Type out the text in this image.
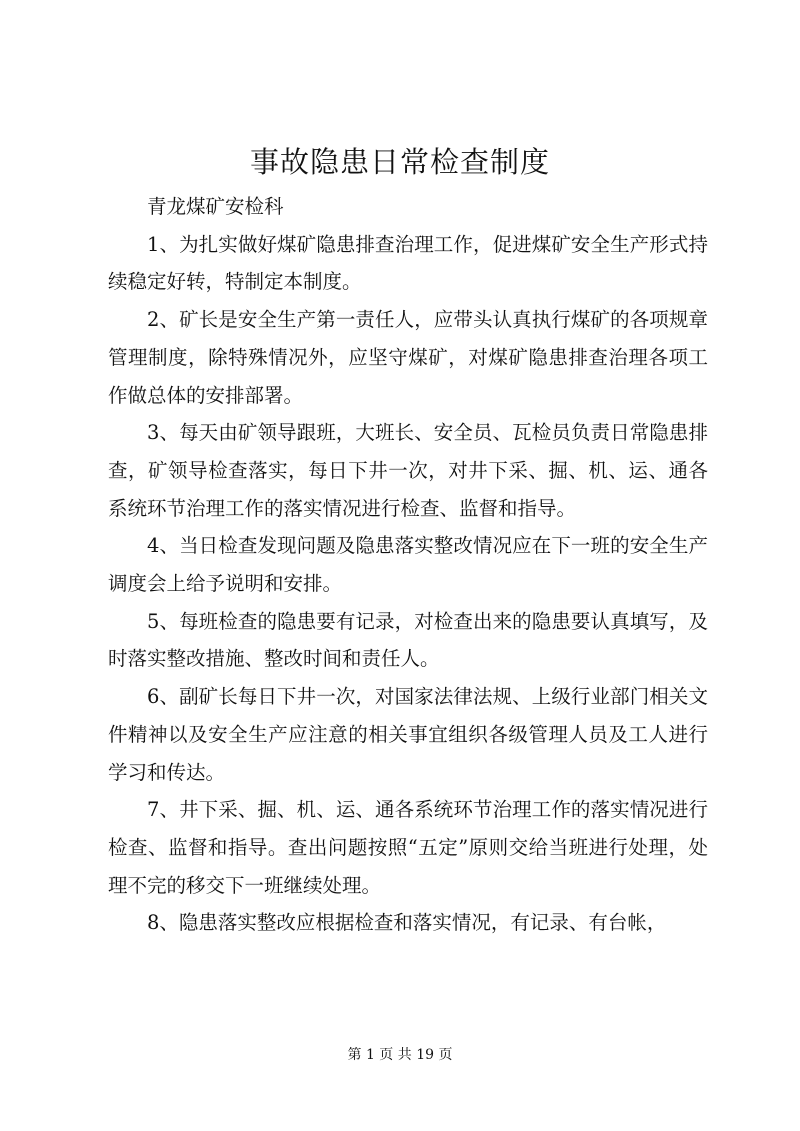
事故隐患日常检查制度

青龙煤矿安检科

1、为扎实做好煤矿隐患排查治理工作，促进煤矿安全生产形式持续稳定好转，特制定本制度。

2、矿长是安全生产第一责任人，应带头认真执行煤矿的各项规章管理制度，除特殊情况外，应坚守煤矿，对煤矿隐患排查治理各项工作做总体的安排部署。

3、每天由矿领导跟班，大班长、安全员、瓦检员负责日常隐患排查，矿领导检查落实，每日下井一次，对井下采、掘、机、运、通各系统环节治理工作的落实情况进行检查、监督和指导。

4、当日检查发现问题及隐患落实整改情况应在下一班的安全生产调度会上给予说明和安排。

5、每班检查的隐患要有记录，对检查出来的隐患要认真填写，及时落实整改措施、整改时间和责任人。

6、副矿长每日下井一次，对国家法律法规、上级行业部门相关文件精神以及安全生产应注意的相关事宜组织各级管理人员及工人进行学习和传达。

7、井下采、掘、机、运、通各系统环节治理工作的落实情况进行检查、监督和指导。查出问题按照“五定”原则交给当班进行处理，处理不完的移交下一班继续处理。

8、隐患落实整改应根据检查和落实情况，有记录、有台帐，

第 1 页 共 19 页
